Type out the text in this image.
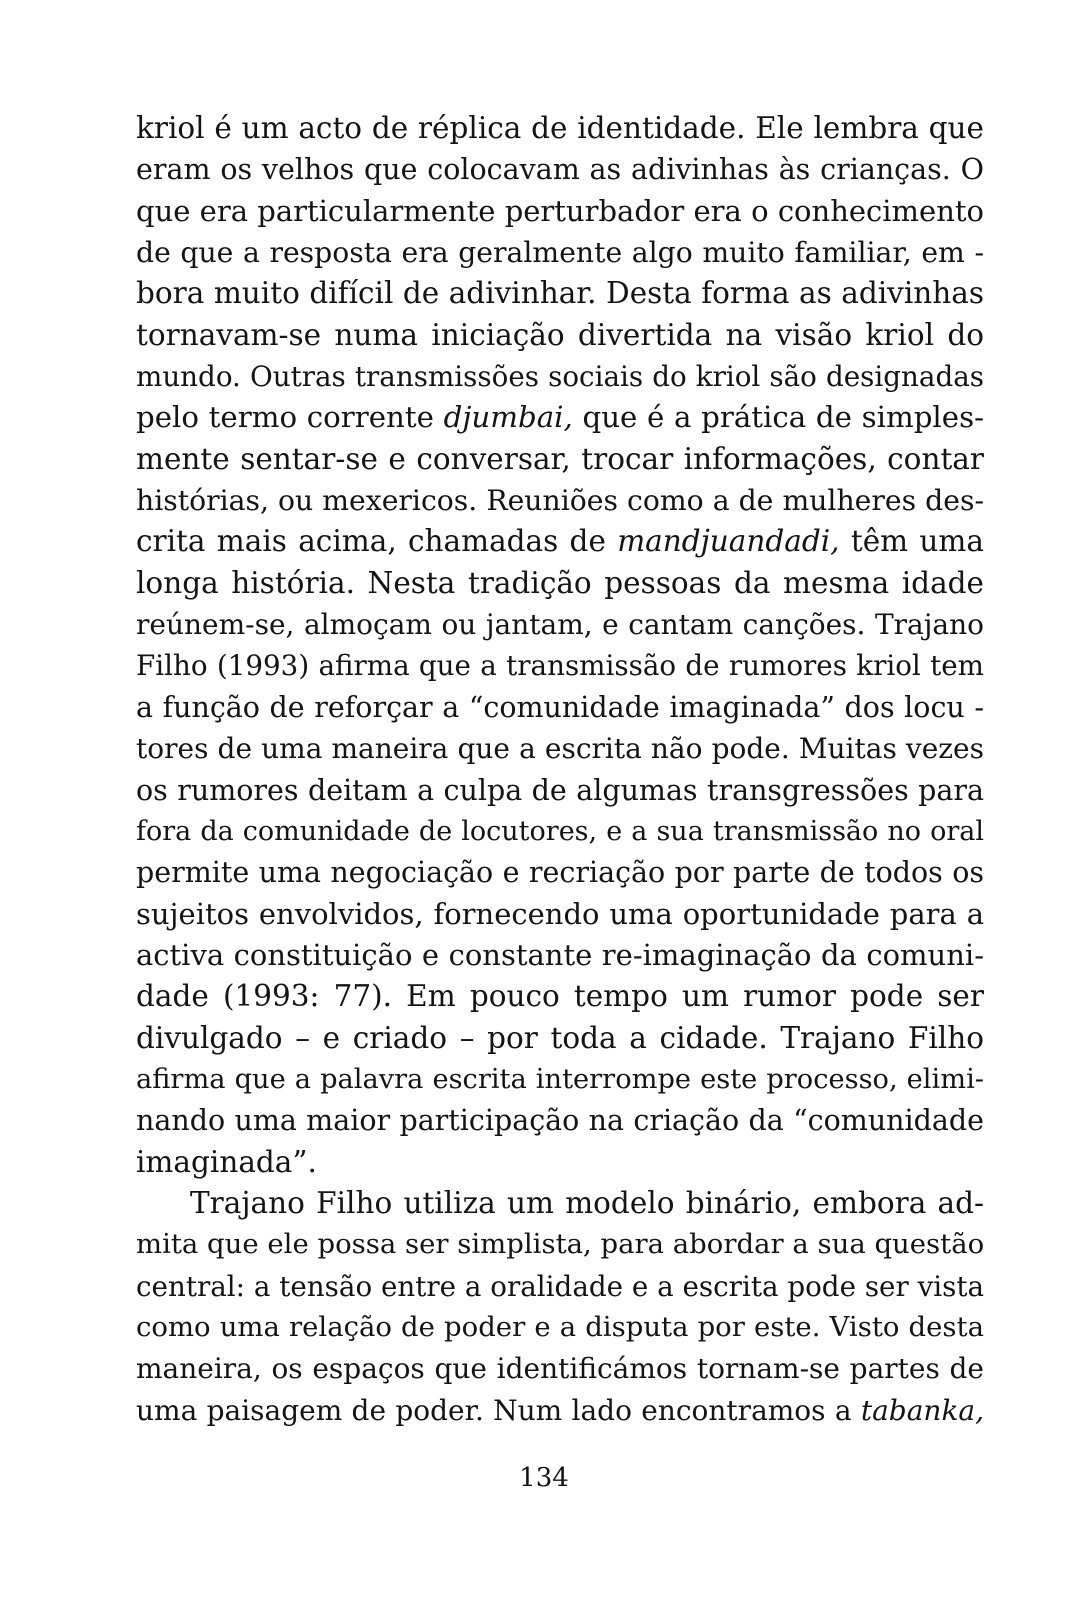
kriol é um acto de réplica de identidade. Ele lembra que
eram os velhos que colocavam as adivinhas às crianças. O
que era particularmente perturbador era o conhecimento
de que a resposta era geralmente algo muito familiar, em -
bora muito difícil de adivinhar. Desta forma as adivinhas
tornavam-se numa iniciação divertida na visão kriol do
mundo. Outras transmissões sociais do kriol são designadas
pelo termo corrente djumbai, que é a prática de simples-
mente sentar-se e conversar, trocar informações, contar
histórias, ou mexericos. Reuniões como a de mulheres des-
crita mais acima, chamadas de mandjuandadi, têm uma
longa história. Nesta tradição pessoas da mesma idade
reúnem-se, almoçam ou jantam, e cantam canções. Trajano
Filho (1993) afirma que a transmissão de rumores kriol tem
a função de reforçar a “comunidade imaginada” dos locu -
tores de uma maneira que a escrita não pode. Muitas vezes
os rumores deitam a culpa de algumas transgressões para
fora da comunidade de locutores, e a sua transmissão no oral
permite uma negociação e recriação por parte de todos os
sujeitos envolvidos, fornecendo uma oportunidade para a
activa constituição e constante re-imaginação da comuni-
dade (1993: 77). Em pouco tempo um rumor pode ser
divulgado – e criado – por toda a cidade. Trajano Filho
afirma que a palavra escrita interrompe este processo, elimi-
nando uma maior participação na criação da “comunidade
imaginada”.
Trajano Filho utiliza um modelo binário, embora ad-
mita que ele possa ser simplista, para abordar a sua questão
central: a tensão entre a oralidade e a escrita pode ser vista
como uma relação de poder e a disputa por este. Visto desta
maneira, os espaços que identificámos tornam-se partes de
uma paisagem de poder. Num lado encontramos a tabanka,
134
